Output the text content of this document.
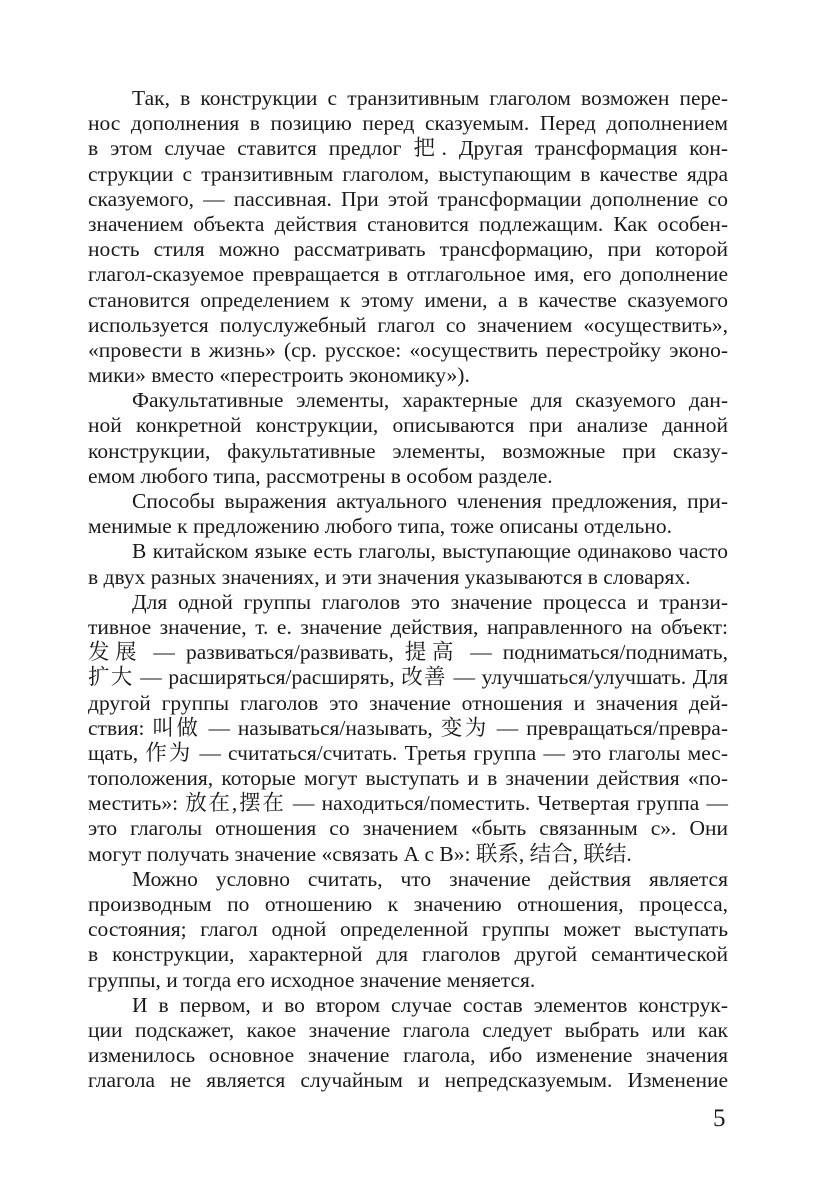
Так, в конструкции с транзитивным глаголом возможен пере-
нос дополнения в позицию перед сказуемым. Перед дополнением
в этом случае ставится предлог 把. Другая трансформация кон-
струкции с транзитивным глаголом, выступающим в качестве ядра
сказуемого, — пассивная. При этой трансформации дополнение со
значением объекта действия становится подлежащим. Как особен-
ность стиля можно рассматривать трансформацию, при которой
глагол-сказуемое превращается в отглагольное имя, его дополнение
становится определением к этому имени, а в качестве сказуемого
используется полуслужебный глагол со значением «осуществить»,
«провести в жизнь» (ср. русское: «осуществить перестройку эконо-
мики» вместо «перестроить экономику»).
Факультативные элементы, характерные для сказуемого дан-
ной конкретной конструкции, описываются при анализе данной
конструкции, факультативные элементы, возможные при сказу-
емом любого типа, рассмотрены в особом разделе.
Способы выражения актуального членения предложения, при-
менимые к предложению любого типа, тоже описаны отдельно.
В китайском языке есть глаголы, выступающие одинаково часто
в двух разных значениях, и эти значения указываются в словарях.
Для одной группы глаголов это значение процесса и транзи-
тивное значение, т. е. значение действия, направленного на объект:
发展 — развиваться/развивать, 提高 — подниматься/поднимать,
扩大 — расширяться/расширять, 改善 — улучшаться/улучшать. Для
другой группы глаголов это значение отношения и значения дей-
ствия: 叫做 — называться/называть, 变为 — превращаться/превра-
щать, 作为 — считаться/считать. Третья группа — это глаголы мес-
тоположения, которые могут выступать и в значении действия «по-
местить»: 放在,摆在 — находиться/поместить. Четвертая группа —
это глаголы отношения со значением «быть связанным с». Они
могут получать значение «связать А с В»: 联系, 结合, 联结.
Можно условно считать, что значение действия является
производным по отношению к значению отношения, процесса,
состояния; глагол одной определенной группы может выступать
в конструкции, характерной для глаголов другой семантической
группы, и тогда его исходное значение меняется.
И в первом, и во втором случае состав элементов конструк-
ции подскажет, какое значение глагола следует выбрать или как
изменилось основное значение глагола, ибо изменение значения
глагола не является случайным и непредсказуемым. Изменение
5
